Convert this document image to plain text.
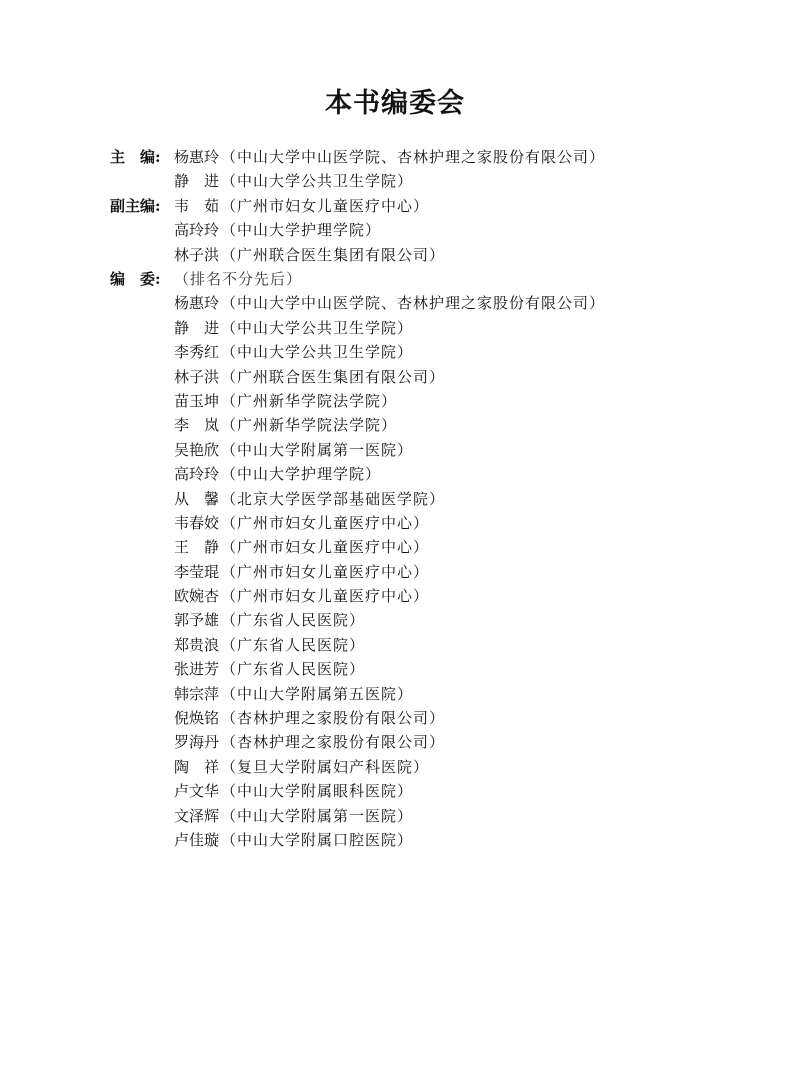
本书编委会
主　编: 杨惠玲 （中山大学中山医学院、杏林护理之家股份有限公司）
静　进 （中山大学公共卫生学院）
副主编: 韦　茹 （广州市妇女儿童医疗中心）
高玲玲 （中山大学护理学院）
林子洪 （广州联合医生集团有限公司）
编　委: （排名不分先后）
杨惠玲 （中山大学中山医学院、杏林护理之家股份有限公司）
静　进 （中山大学公共卫生学院）
李秀红 （中山大学公共卫生学院）
林子洪 （广州联合医生集团有限公司）
苗玉坤 （广州新华学院法学院）
李　岚 （广州新华学院法学院）
吴艳欣 （中山大学附属第一医院）
高玲玲 （中山大学护理学院）
从　馨 （北京大学医学部基础医学院）
韦春姣 （广州市妇女儿童医疗中心）
王　静 （广州市妇女儿童医疗中心）
李莹琨 （广州市妇女儿童医疗中心）
欧婉杏 （广州市妇女儿童医疗中心）
郭予雄 （广东省人民医院）
郑贵浪 （广东省人民医院）
张进芳 （广东省人民医院）
韩宗萍 （中山大学附属第五医院）
倪焕铭 （杏林护理之家股份有限公司）
罗海丹 （杏林护理之家股份有限公司）
陶　祥 （复旦大学附属妇产科医院）
卢文华 （中山大学附属眼科医院）
文泽辉 （中山大学附属第一医院）
卢佳璇 （中山大学附属口腔医院）
